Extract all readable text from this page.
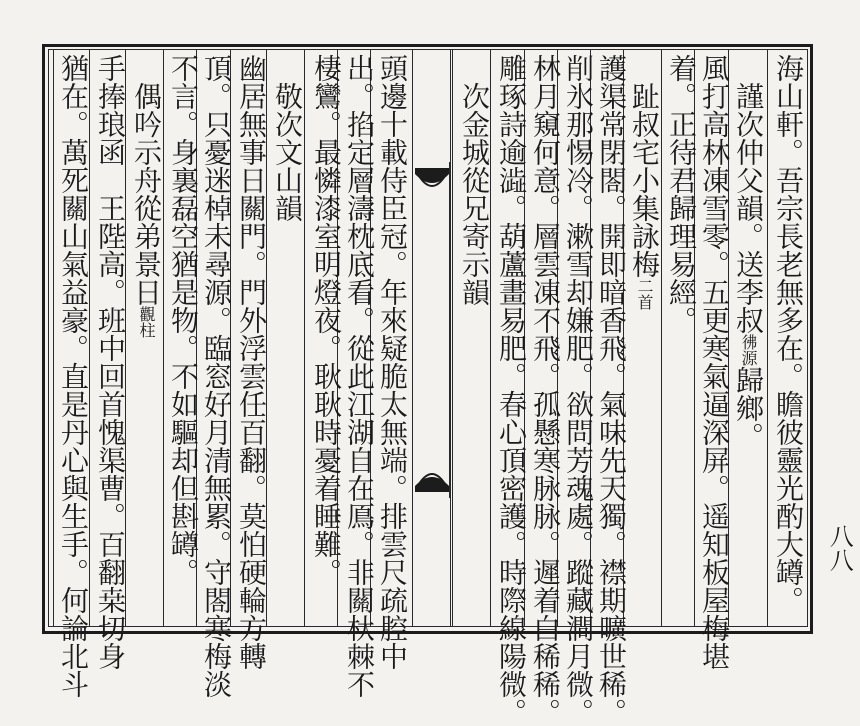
海山軒。吾宗長老無多在。瞻彼靈光酌大罇。
　謹次仲父韻。送李叔彿源歸鄉。
風打高林凍雪零。五更寒氣逼深屏。遥知板屋梅堪
着。正待君歸理易經。
　趾叔宅小集詠梅二首
護渠常閉閤。開即暗香飛。氣味先天獨。襟期曠世稀。
削氷那惕冷。漱雪却嫌肥。欲問芳魂處。蹤藏澗月微。
林月窺何意。層雲凍不飛。孤懸寒脉脉。遲着白稀稀。
雕琢詩逾澁。葫蘆畫易肥。春心頂密護。時際線陽微。
　次金城從兄寄示韻
頭邊十載侍臣冠。年來疑脆太無端。排雲尺疏腔中
出。掐定層濤枕底看。從此江湖自在鳫。非關杕棘不
棲鸞。最憐漆室明燈夜。耿耿時憂着睡難。
　敬次文山韻
幽居無事日關門。門外浮雲任百翻。莫怕硬輪方轉
頂。只憂迷棹未尋源。臨窓好月清無累。守閤寒梅淡
不言。身裏磊空猶是物。不如驅却但斟罇。
　偶吟示舟從弟景日觀柱
手捧琅函　王陛高。班中回首愧渠曹。百翻桒切身
猶在。萬死關山氣益豪。直是丹心與生手。何論北斗	八八
